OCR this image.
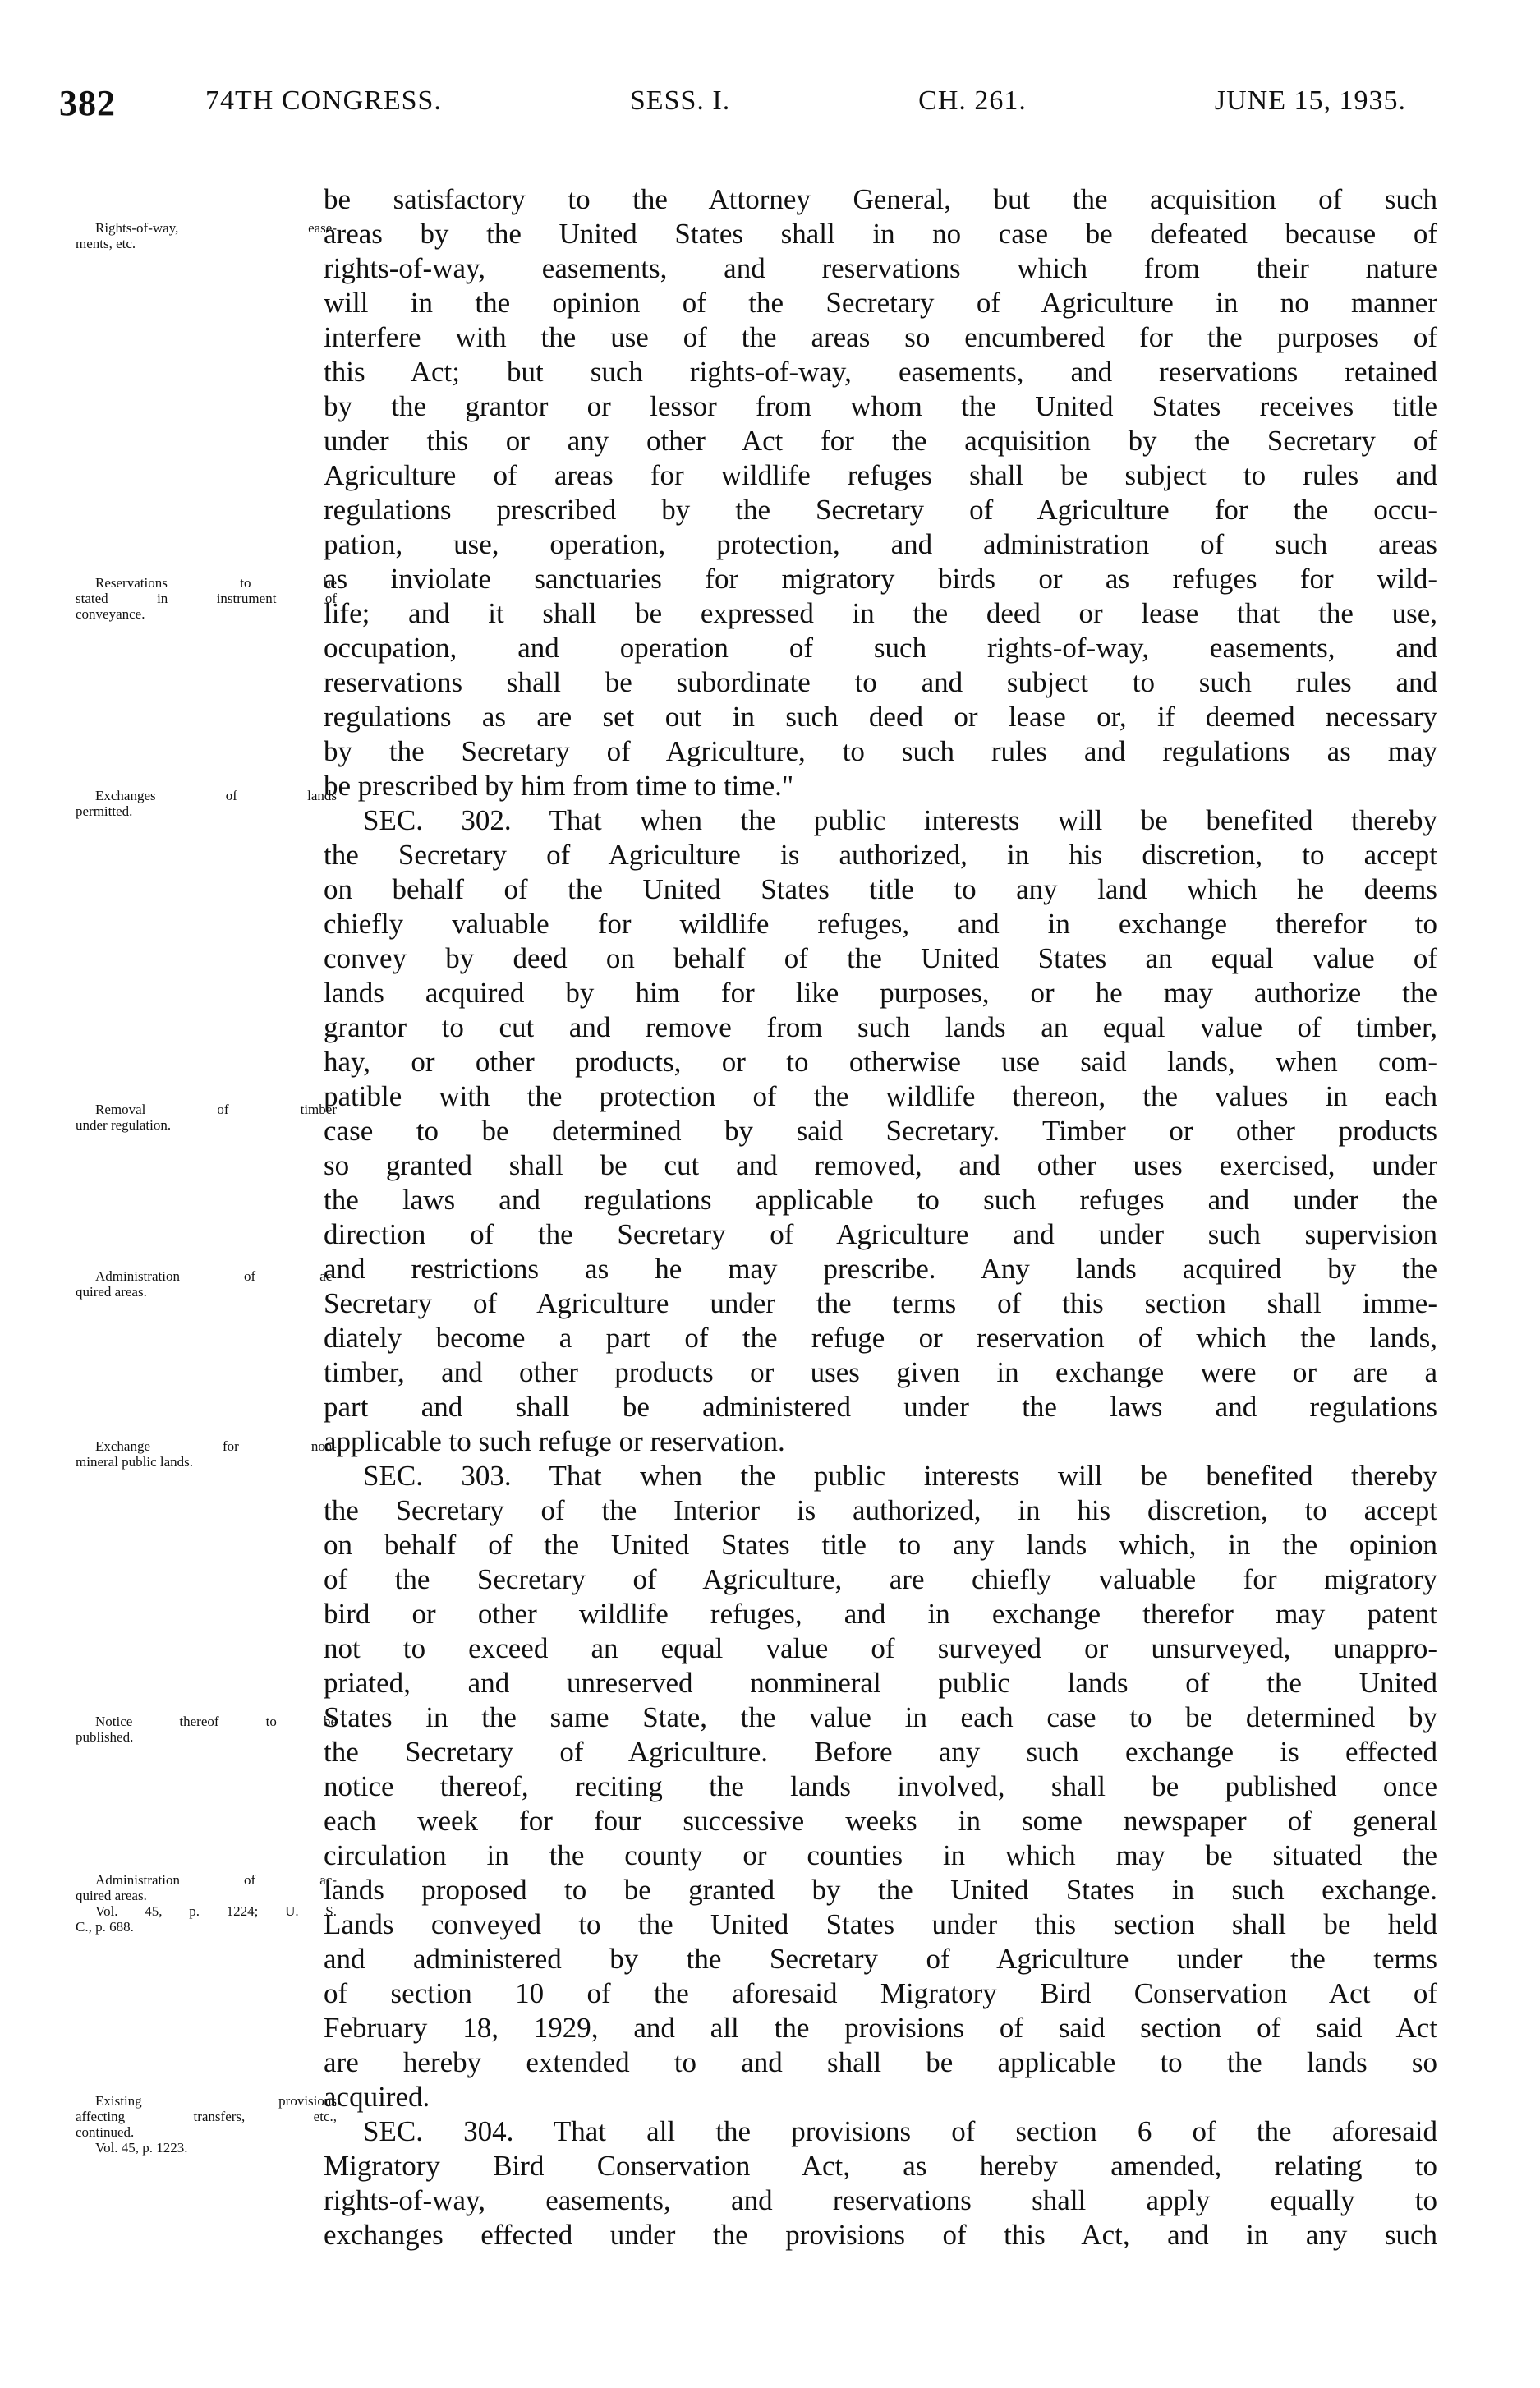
382	74TH CONGRESS.	SESS. I.	CH. 261.	JUNE 15, 1935.
Rights-of-way, ease-
ments, etc.
Reservations to be
stated in instrument of
conveyance.
Exchanges of lands
permitted.
Removal of timber
under regulation.
Administration of ac-
quired areas.
Exchange for non-
mineral public lands.
Notice thereof to be
published.
Administration of ac-
quired areas.
Vol. 45, p. 1224; U. S.
C., p. 688.
Existing provisions
affecting transfers, etc.,
continued.
Vol. 45, p. 1223.
be satisfactory to the Attorney General, but the acquisition of such
areas by the United States shall in no case be defeated because of
rights-of-way, easements, and reservations which from their nature
will in the opinion of the Secretary of Agriculture in no manner
interfere with the use of the areas so encumbered for the purposes of
this Act; but such rights-of-way, easements, and reservations retained
by the grantor or lessor from whom the United States receives title
under this or any other Act for the acquisition by the Secretary of
Agriculture of areas for wildlife refuges shall be subject to rules and
regulations prescribed by the Secretary of Agriculture for the occu-
pation, use, operation, protection, and administration of such areas
as inviolate sanctuaries for migratory birds or as refuges for wild-
life; and it shall be expressed in the deed or lease that the use,
occupation, and operation of such rights-of-way, easements, and
reservations shall be subordinate to and subject to such rules and
regulations as are set out in such deed or lease or, if deemed necessary
by the Secretary of Agriculture, to such rules and regulations as may
be prescribed by him from time to time."
SEC. 302. That when the public interests will be benefited thereby
the Secretary of Agriculture is authorized, in his discretion, to accept
on behalf of the United States title to any land which he deems
chiefly valuable for wildlife refuges, and in exchange therefor to
convey by deed on behalf of the United States an equal value of
lands acquired by him for like purposes, or he may authorize the
grantor to cut and remove from such lands an equal value of timber,
hay, or other products, or to otherwise use said lands, when com-
patible with the protection of the wildlife thereon, the values in each
case to be determined by said Secretary. Timber or other products
so granted shall be cut and removed, and other uses exercised, under
the laws and regulations applicable to such refuges and under the
direction of the Secretary of Agriculture and under such supervision
and restrictions as he may prescribe. Any lands acquired by the
Secretary of Agriculture under the terms of this section shall imme-
diately become a part of the refuge or reservation of which the lands,
timber, and other products or uses given in exchange were or are a
part and shall be administered under the laws and regulations
applicable to such refuge or reservation.
SEC. 303. That when the public interests will be benefited thereby
the Secretary of the Interior is authorized, in his discretion, to accept
on behalf of the United States title to any lands which, in the opinion
of the Secretary of Agriculture, are chiefly valuable for migratory
bird or other wildlife refuges, and in exchange therefor may patent
not to exceed an equal value of surveyed or unsurveyed, unappro-
priated, and unreserved nonmineral public lands of the United
States in the same State, the value in each case to be determined by
the Secretary of Agriculture. Before any such exchange is effected
notice thereof, reciting the lands involved, shall be published once
each week for four successive weeks in some newspaper of general
circulation in the county or counties in which may be situated the
lands proposed to be granted by the United States in such exchange.
Lands conveyed to the United States under this section shall be held
and administered by the Secretary of Agriculture under the terms
of section 10 of the aforesaid Migratory Bird Conservation Act of
February 18, 1929, and all the provisions of said section of said Act
are hereby extended to and shall be applicable to the lands so
acquired.
SEC. 304. That all the provisions of section 6 of the aforesaid
Migratory Bird Conservation Act, as hereby amended, relating to
rights-of-way, easements, and reservations shall apply equally to
exchanges effected under the provisions of this Act, and in any such
